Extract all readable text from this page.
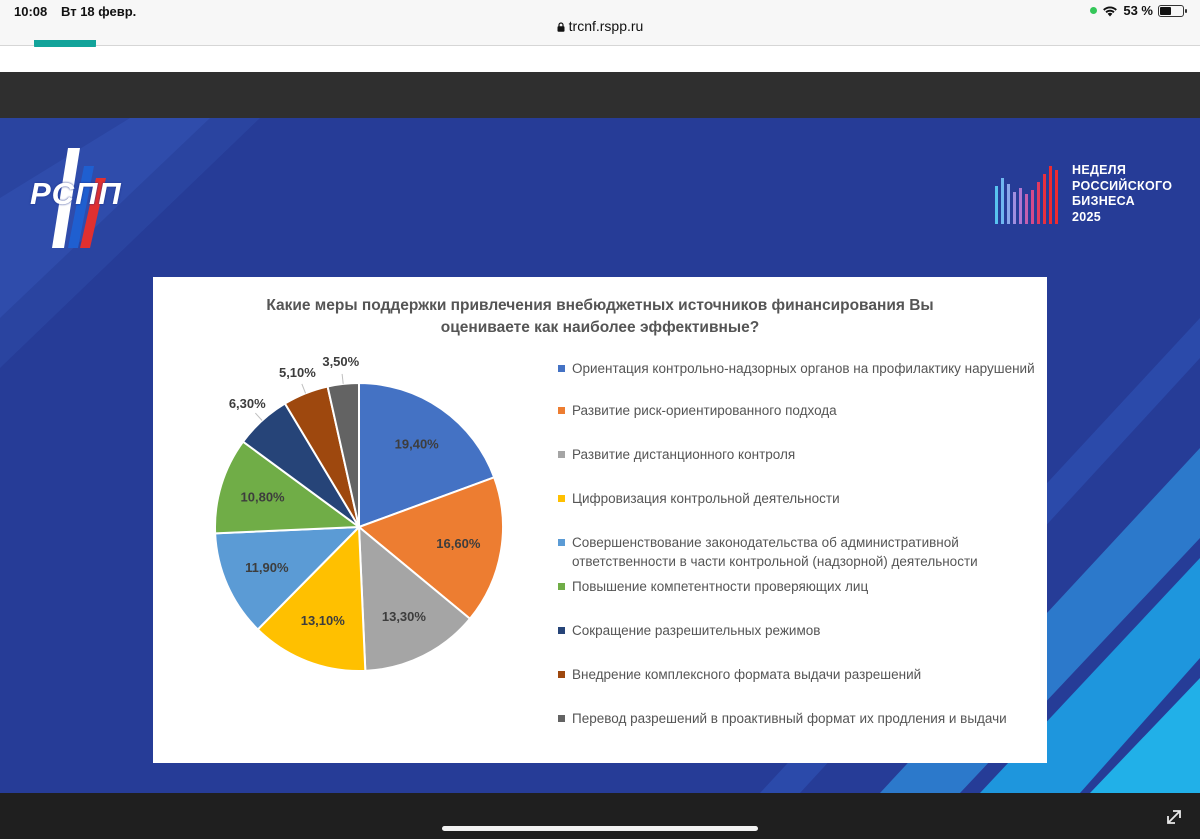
10:08 Вт 18 февр.	53 %
trcnf.rspp.ru
РСПП
НЕДЕЛЯ
РОССИЙСКОГО
БИЗНЕСА
2025
Какие меры поддержки привлечения внебюджетных источников финансирования Вы оцениваете как наиболее эффективные?
19,40%
16,60%
13,30%
13,10%
11,90%
10,80%
6,30%
5,10%
3,50%	Ориентация контрольно-надзорных органов на профилактику нарушений
Развитие риск-ориентированного подхода
Развитие дистанционного контроля
Цифровизация контрольной деятельности
Совершенствование законодательства об административной ответственности в части контрольной (надзорной) деятельности
Повышение компетентности проверяющих лиц
Сокращение разрешительных режимов
Внедрение комплексного формата выдачи разрешений
Перевод разрешений в проактивный формат их продления и выдачи
